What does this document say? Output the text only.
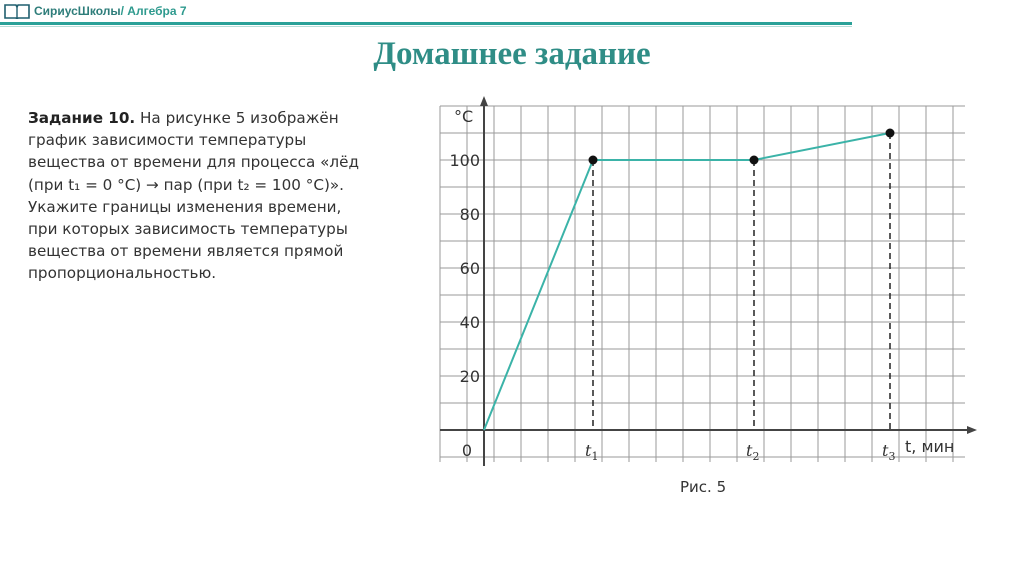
СириусШколы/ Алгебра 7
Домашнее задание
Задание 10. На рисунке 5 изображён
график зависимости температуры
вещества от времени для процесса «лёд
(при t₁ = 0 °C) → пар (при t₂ = 100 °C)».
Укажите границы изменения времени,
при которых зависимость температуры
вещества от времени является прямой
пропорциональностью.
°C
20
40
60
80
100
0	$t_1$	$t_2$	$t_3$
t, мин
Рис. 5
